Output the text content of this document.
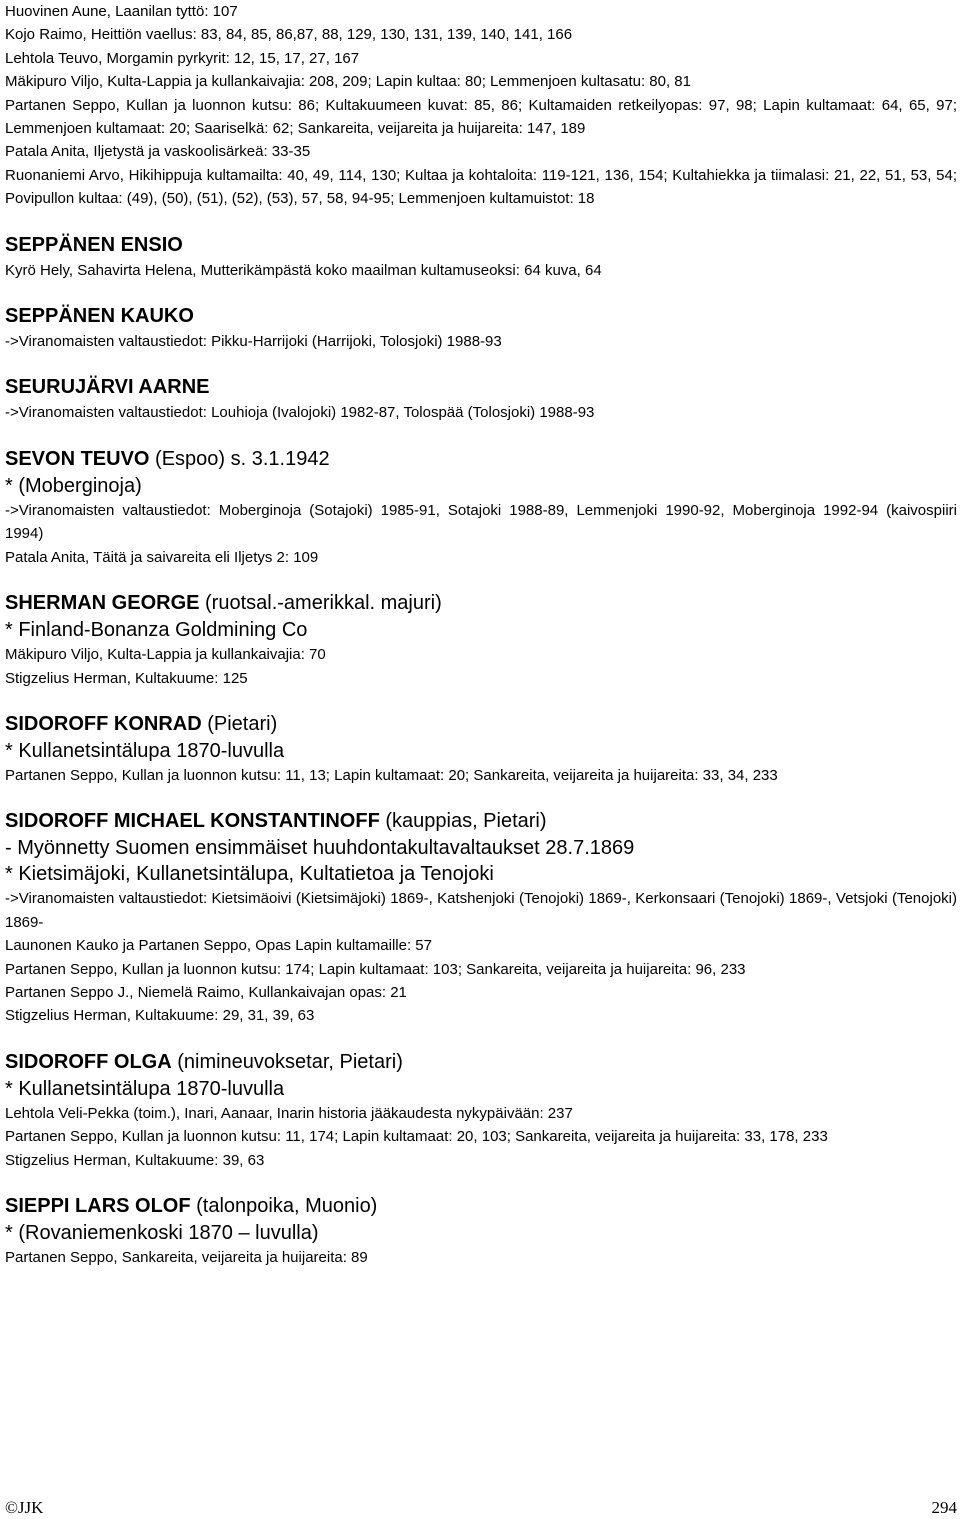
Huovinen Aune, Laanilan tyttö: 107
Kojo Raimo, Heittiön vaellus: 83, 84, 85, 86,87, 88, 129, 130, 131, 139, 140, 141, 166
Lehtola Teuvo, Morgamin pyrkyrit: 12, 15, 17, 27, 167
Mäkipuro Viljo, Kulta-Lappia ja kullankaivajia: 208, 209; Lapin kultaa: 80; Lemmenjoen kultasatu: 80, 81
Partanen Seppo, Kullan ja luonnon kutsu: 86; Kultakuumeen kuvat: 85, 86; Kultamaiden retkeilyopas: 97, 98; Lapin kultamaat: 64, 65, 97; Lemmenjoen kultamaat: 20; Saariselkä: 62; Sankareita, veijareita ja huijareita: 147, 189
Patala Anita, Iljetystä ja vaskoolisärkeä: 33-35
Ruonaniemi Arvo, Hikihippuja kultamailta: 40, 49, 114, 130; Kultaa ja kohtaloita: 119-121, 136, 154; Kultahiekka ja tiimalasi: 21, 22, 51, 53, 54; Povipullon kultaa: (49), (50), (51), (52), (53), 57, 58, 94-95; Lemmenjoen kultamuistot: 18
SEPPÄNEN ENSIO
Kyrö Hely, Sahavirta Helena, Mutterikämpästä koko maailman kultamuseoksi: 64 kuva, 64
SEPPÄNEN KAUKO
->Viranomaisten valtaustiedot: Pikku-Harrijoki (Harrijoki, Tolosjoki) 1988-93
SEURUJÄRVI AARNE
->Viranomaisten valtaustiedot: Louhioja (Ivalojoki) 1982-87, Tolospää (Tolosjoki) 1988-93
SEVON TEUVO (Espoo) s. 3.1.1942
* (Moberginoja)
->Viranomaisten valtaustiedot: Moberginoja (Sotajoki) 1985-91, Sotajoki 1988-89, Lemmenjoki 1990-92, Moberginoja 1992-94 (kaivospiiri 1994)
Patala Anita, Täitä ja saivareita eli Iljetys 2: 109
SHERMAN GEORGE (ruotsal.-amerikkal. majuri)
* Finland-Bonanza Goldmining Co
Mäkipuro Viljo, Kulta-Lappia ja kullankaivajia: 70
Stigzelius Herman, Kultakuume: 125
SIDOROFF KONRAD (Pietari)
* Kullanetsintälupa 1870-luvulla
Partanen Seppo, Kullan ja luonnon kutsu: 11, 13; Lapin kultamaat: 20; Sankareita, veijareita ja huijareita: 33, 34, 233
SIDOROFF MICHAEL KONSTANTINOFF (kauppias, Pietari)
- Myönnetty Suomen ensimmäiset huuhdontakultavaltaukset 28.7.1869
* Kietsimäjoki, Kullanetsintälupa, Kultatietoa ja Tenojoki
->Viranomaisten valtaustiedot: Kietsimäoivi (Kietsimäjoki) 1869-, Katshenjoki (Tenojoki) 1869-, Kerkonsaari (Tenojoki) 1869-, Vetsjoki (Tenojoki) 1869-
Launonen Kauko ja Partanen Seppo, Opas Lapin kultamaille: 57
Partanen Seppo, Kullan ja luonnon kutsu: 174; Lapin kultamaat: 103; Sankareita, veijareita ja huijareita: 96, 233
Partanen Seppo J., Niemelä Raimo, Kullankaivajan opas: 21
Stigzelius Herman, Kultakuume: 29, 31, 39, 63
SIDOROFF OLGA (nimineuvoksetar, Pietari)
* Kullanetsintälupa 1870-luvulla
Lehtola Veli-Pekka (toim.), Inari, Aanaar, Inarin historia jääkaudesta nykypäivään: 237
Partanen Seppo, Kullan ja luonnon kutsu: 11, 174; Lapin kultamaat: 20, 103; Sankareita, veijareita ja huijareita: 33, 178, 233
Stigzelius Herman, Kultakuume: 39, 63
SIEPPI LARS OLOF (talonpoika, Muonio)
* (Rovaniemenkoski 1870 – luvulla)
Partanen Seppo, Sankareita, veijareita ja huijareita: 89
©JJK	294
